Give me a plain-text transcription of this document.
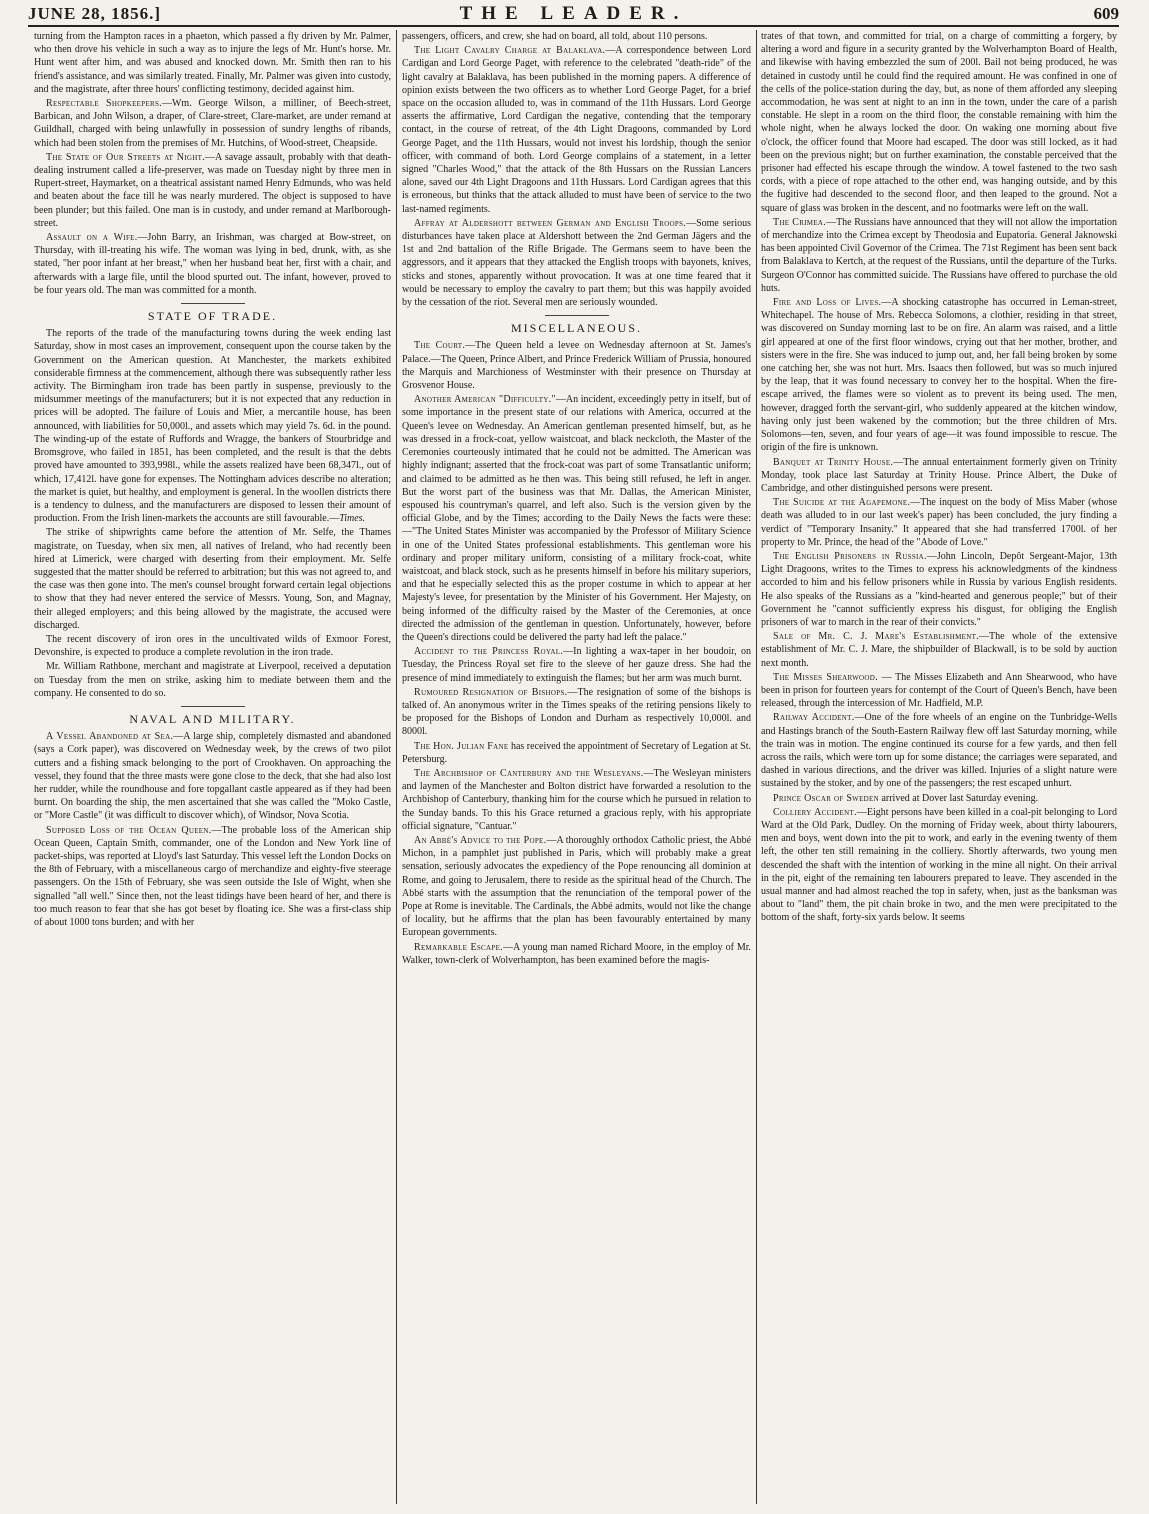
JUNE 28, 1856.]	THE LEADER.	609

turning from the Hampton races in a phaeton, which passed a fly driven by Mr. Palmer, who then drove his vehicle in such a way as to injure the legs of Mr. Hunt's horse. Mr. Hunt went after him, and was abused and knocked down. Mr. Smith then ran to his friend's assistance, and was similarly treated. Finally, Mr. Palmer was given into custody, and the magistrate, after three hours' conflicting testimony, decided against him.

Respectable Shopkeepers.—Wm. George Wilson, a milliner, of Beech-street, Barbican, and John Wilson, a draper, of Clare-street, Clare-market, are under remand at Guildhall, charged with being unlawfully in possession of sundry lengths of ribands, which had been stolen from the premises of Mr. Hutchins, of Wood-street, Cheapside.

The State of Our Streets at Night.—A savage assault, probably with that death-dealing instrument called a life-preserver, was made on Tuesday night by three men in Rupert-street, Haymarket, on a theatrical assistant named Henry Edmunds, who was held and beaten about the face till he was nearly murdered. The object is supposed to have been plunder; but this failed. One man is in custody, and under remand at Marlborough-street.

Assault on a Wife.—John Barry, an Irishman, was charged at Bow-street, on Thursday, with ill-treating his wife. The woman was lying in bed, drunk, with, as she stated, "her poor infant at her breast," when her husband beat her, first with a chair, and afterwards with a large file, until the blood spurted out. The infant, however, proved to be four years old. The man was committed for a month.

STATE OF TRADE.

The reports of the trade of the manufacturing towns during the week ending last Saturday, show in most cases an improvement, consequent upon the course taken by the Government on the American question. At Manchester, the markets exhibited considerable firmness at the commencement, although there was subsequently rather less activity. The Birmingham iron trade has been partly in suspense, previously to the midsummer meetings of the manufacturers; but it is not expected that any reduction in prices will be adopted. The failure of Louis and Mier, a mercantile house, has been announced, with liabilities for 50,000l., and assets which may yield 7s. 6d. in the pound. The winding-up of the estate of Ruffords and Wragge, the bankers of Stourbridge and Bromsgrove, who failed in 1851, has been completed, and the result is that the debts proved have amounted to 393,998l., while the assets realized have been 68,347l., out of which, 17,412l. have gone for expenses. The Nottingham advices describe no alteration; the market is quiet, but healthy, and employment is general. In the woollen districts there is a tendency to dulness, and the manufacturers are disposed to lessen their amount of production. From the Irish linen-markets the accounts are still favourable.—Times.

The strike of shipwrights came before the attention of Mr. Selfe, the Thames magistrate, on Tuesday, when six men, all natives of Ireland, who had recently been hired at Limerick, were charged with deserting from their employment. Mr. Selfe suggested that the matter should be referred to arbitration; but this was not agreed to, and the case was then gone into. The men's counsel brought forward certain legal objections to show that they had never entered the service of Messrs. Young, Son, and Magnay, their alleged employers; and this being allowed by the magistrate, the accused were discharged.

The recent discovery of iron ores in the uncultivated wilds of Exmoor Forest, Devonshire, is expected to produce a complete revolution in the iron trade.

Mr. William Rathbone, merchant and magistrate at Liverpool, received a deputation on Tuesday from the men on strike, asking him to mediate between them and the company. He consented to do so.

NAVAL AND MILITARY.

A Vessel Abandoned at Sea.—A large ship, completely dismasted and abandoned (says a Cork paper), was discovered on Wednesday week, by the crews of two pilot cutters and a fishing smack belonging to the port of Crookhaven. On approaching the vessel, they found that the three masts were gone close to the deck, that she had also lost her rudder, while the roundhouse and fore topgallant castle appeared as if they had been burnt. On boarding the ship, the men ascertained that she was called the "Moko Castle, or "More Castle" (it was difficult to discover which), of Windsor, Nova Scotia.

Supposed Loss of the Ocean Queen.—The probable loss of the American ship Ocean Queen, Captain Smith, commander, one of the London and New York line of packet-ships, was reported at Lloyd's last Saturday. This vessel left the London Docks on the 8th of February, with a miscellaneous cargo of merchandize and eighty-five steerage passengers. On the 15th of February, she was seen outside the Isle of Wight, when she signalled "all well." Since then, not the least tidings have been heard of her, and there is too much reason to fear that she has got beset by floating ice. She was a first-class ship of about 1000 tons burden; and with her

passengers, officers, and crew, she had on board, all told, about 110 persons.

The Light Cavalry Charge at Balaklava.—A correspondence between Lord Cardigan and Lord George Paget, with reference to the celebrated "death-ride" of the light cavalry at Balaklava, has been published in the morning papers. A difference of opinion exists between the two officers as to whether Lord George Paget, for a brief space on the occasion alluded to, was in command of the 11th Hussars. Lord George asserts the affirmative, Lord Cardigan the negative, contending that the temporary contact, in the course of retreat, of the 4th Light Dragoons, commanded by Lord George Paget, and the 11th Hussars, would not invest his lordship, though the senior officer, with command of both. Lord George complains of a statement, in a letter signed "Charles Wood," that the attack of the 8th Hussars on the Russian Lancers alone, saved our 4th Light Dragoons and 11th Hussars. Lord Cardigan agrees that this is erroneous, but thinks that the attack alluded to must have been of service to the two last-named regiments.

Affray at Aldershott between German and English Troops.—Some serious disturbances have taken place at Aldershott between the 2nd German Jägers and the 1st and 2nd battalion of the Rifle Brigade. The Germans seem to have been the aggressors, and it appears that they attacked the English troops with bayonets, knives, sticks and stones, apparently without provocation. It was at one time feared that it would be necessary to employ the cavalry to part them; but this was happily avoided by the cessation of the riot. Several men are seriously wounded.

MISCELLANEOUS.

The Court.—The Queen held a levee on Wednesday afternoon at St. James's Palace.—The Queen, Prince Albert, and Prince Frederick William of Prussia, honoured the Marquis and Marchioness of Westminster with their presence on Thursday at Grosvenor House.

Another American "Difficulty."—An incident, exceedingly petty in itself, but of some importance in the present state of our relations with America, occurred at the Queen's levee on Wednesday. An American gentleman presented himself, but, as he was dressed in a frock-coat, yellow waistcoat, and black neckcloth, the Master of the Ceremonies courteously intimated that he could not be admitted. The American was highly indignant; asserted that the frock-coat was part of some Transatlantic uniform; and claimed to be admitted as he then was. This being still refused, he left in anger. But the worst part of the business was that Mr. Dallas, the American Minister, espoused his countryman's quarrel, and left also. Such is the version given by the official Globe, and by the Times; according to the Daily News the facts were these:—"The United States Minister was accompanied by the Professor of Military Science in one of the United States professional establishments. This gentleman wore his ordinary and proper military uniform, consisting of a military frock-coat, white waistcoat, and black stock, such as he presents himself in before his military superiors, and that he especially selected this as the proper costume in which to appear at her Majesty's levee, for presentation by the Minister of his Government. Her Majesty, on being informed of the difficulty raised by the Master of the Ceremonies, at once directed the admission of the gentleman in question. Unfortunately, however, before the Queen's directions could be delivered the party had left the palace."

Accident to the Princess Royal.—In lighting a wax-taper in her boudoir, on Tuesday, the Princess Royal set fire to the sleeve of her gauze dress. She had the presence of mind immediately to extinguish the flames; but her arm was much burnt.

Rumoured Resignation of Bishops.—The resignation of some of the bishops is talked of. An anonymous writer in the Times speaks of the retiring pensions likely to be proposed for the Bishops of London and Durham as respectively 10,000l. and 8000l.

The Hon. Julian Fane has received the appointment of Secretary of Legation at St. Petersburg.

The Archbishop of Canterbury and the Wesleyans.—The Wesleyan ministers and laymen of the Manchester and Bolton district have forwarded a resolution to the Archbishop of Canterbury, thanking him for the course which he pursued in relation to the Sunday bands. To this his Grace returned a gracious reply, with his appropriate official signature, "Cantuar."

An Abbé's Advice to the Pope.—A thoroughly orthodox Catholic priest, the Abbé Michon, in a pamphlet just published in Paris, which will probably make a great sensation, seriously advocates the expediency of the Pope renouncing all dominion at Rome, and going to Jerusalem, there to reside as the spiritual head of the Church. The Abbé starts with the assumption that the renunciation of the temporal power of the Pope at Rome is inevitable. The Cardinals, the Abbé admits, would not like the change of locality, but he affirms that the plan has been favourably entertained by many European governments.

Remarkable Escape.—A young man named Richard Moore, in the employ of Mr. Walker, town-clerk of Wolverhampton, has been examined before the magis-

trates of that town, and committed for trial, on a charge of committing a forgery, by altering a word and figure in a security granted by the Wolverhampton Board of Health, and likewise with having embezzled the sum of 200l. Bail not being produced, he was detained in custody until he could find the required amount. He was confined in one of the cells of the police-station during the day, but, as none of them afforded any sleeping accommodation, he was sent at night to an inn in the town, under the care of a parish constable. He slept in a room on the third floor, the constable remaining with him the whole night, when he always locked the door. On waking one morning about five o'clock, the officer found that Moore had escaped. The door was still locked, as it had been on the previous night; but on further examination, the constable perceived that the prisoner had effected his escape through the window. A towel fastened to the two sash cords, with a piece of rope attached to the other end, was hanging outside, and by this the fugitive had descended to the second floor, and then leaped to the ground. Not a square of glass was broken in the descent, and no footmarks were left on the wall.

The Crimea.—The Russians have announced that they will not allow the importation of merchandize into the Crimea except by Theodosia and Eupatoria. General Jaknowski has been appointed Civil Governor of the Crimea. The 71st Regiment has been sent back from Balaklava to Kertch, at the request of the Russians, until the departure of the Turks. Surgeon O'Connor has committed suicide. The Russians have offered to purchase the old huts.

Fire and Loss of Lives.—A shocking catastrophe has occurred in Leman-street, Whitechapel. The house of Mrs. Rebecca Solomons, a clothier, residing in that street, was discovered on Sunday morning last to be on fire. An alarm was raised, and a little girl appeared at one of the first floor windows, crying out that her mother, brother, and sisters were in the fire. She was induced to jump out, and, her fall being broken by some one catching her, she was not hurt. Mrs. Isaacs then followed, but was so much injured by the leap, that it was found necessary to convey her to the hospital. When the fire-escape arrived, the flames were so violent as to prevent its being used. The men, however, dragged forth the servant-girl, who suddenly appeared at the kitchen window, having only just been wakened by the commotion; but the three children of Mrs. Solomons—ten, seven, and four years of age—it was found impossible to rescue. The origin of the fire is unknown.

Banquet at Trinity House.—The annual entertainment formerly given on Trinity Monday, took place last Saturday at Trinity House. Prince Albert, the Duke of Cambridge, and other distinguished persons were present.

The Suicide at the Agapemone.—The inquest on the body of Miss Maber (whose death was alluded to in our last week's paper) has been concluded, the jury finding a verdict of "Temporary Insanity." It appeared that she had transferred 1700l. of her property to Mr. Prince, the head of the "Abode of Love."

The English Prisoners in Russia.—John Lincoln, Depôt Sergeant-Major, 13th Light Dragoons, writes to the Times to express his acknowledgments of the kindness accorded to him and his fellow prisoners while in Russia by various English residents. He also speaks of the Russians as a "kind-hearted and generous people;" but of their Government he "cannot sufficiently express his disgust, for obliging the English prisoners of war to march in the rear of their convicts."

Sale of Mr. C. J. Mare's Establishment.—The whole of the extensive establishment of Mr. C. J. Mare, the shipbuilder of Blackwall, is to be sold by auction next month.

The Misses Shearwood. — The Misses Elizabeth and Ann Shearwood, who have been in prison for fourteen years for contempt of the Court of Queen's Bench, have been released, through the intercession of Mr. Hadfield, M.P.

Railway Accident.—One of the fore wheels of an engine on the Tunbridge-Wells and Hastings branch of the South-Eastern Railway flew off last Saturday morning, while the train was in motion. The engine continued its course for a few yards, and then fell across the rails, which were torn up for some distance; the carriages were separated, and dashed in various directions, and the driver was killed. Injuries of a slight nature were sustained by the stoker, and by one of the passengers; the rest escaped unhurt.

Prince Oscar of Sweden arrived at Dover last Saturday evening.

Colliery Accident.—Eight persons have been killed in a coal-pit belonging to Lord Ward at the Old Park, Dudley. On the morning of Friday week, about thirty labourers, men and boys, went down into the pit to work, and early in the evening twenty of them left, the other ten still remaining in the colliery. Shortly afterwards, two young men descended the shaft with the intention of working in the mine all night. On their arrival in the pit, eight of the remaining ten labourers prepared to leave. They ascended in the usual manner and had almost reached the top in safety, when, just as the banksman was about to "land" them, the pit chain broke in two, and the men were precipitated to the bottom of the shaft, forty-six yards below. It seems
